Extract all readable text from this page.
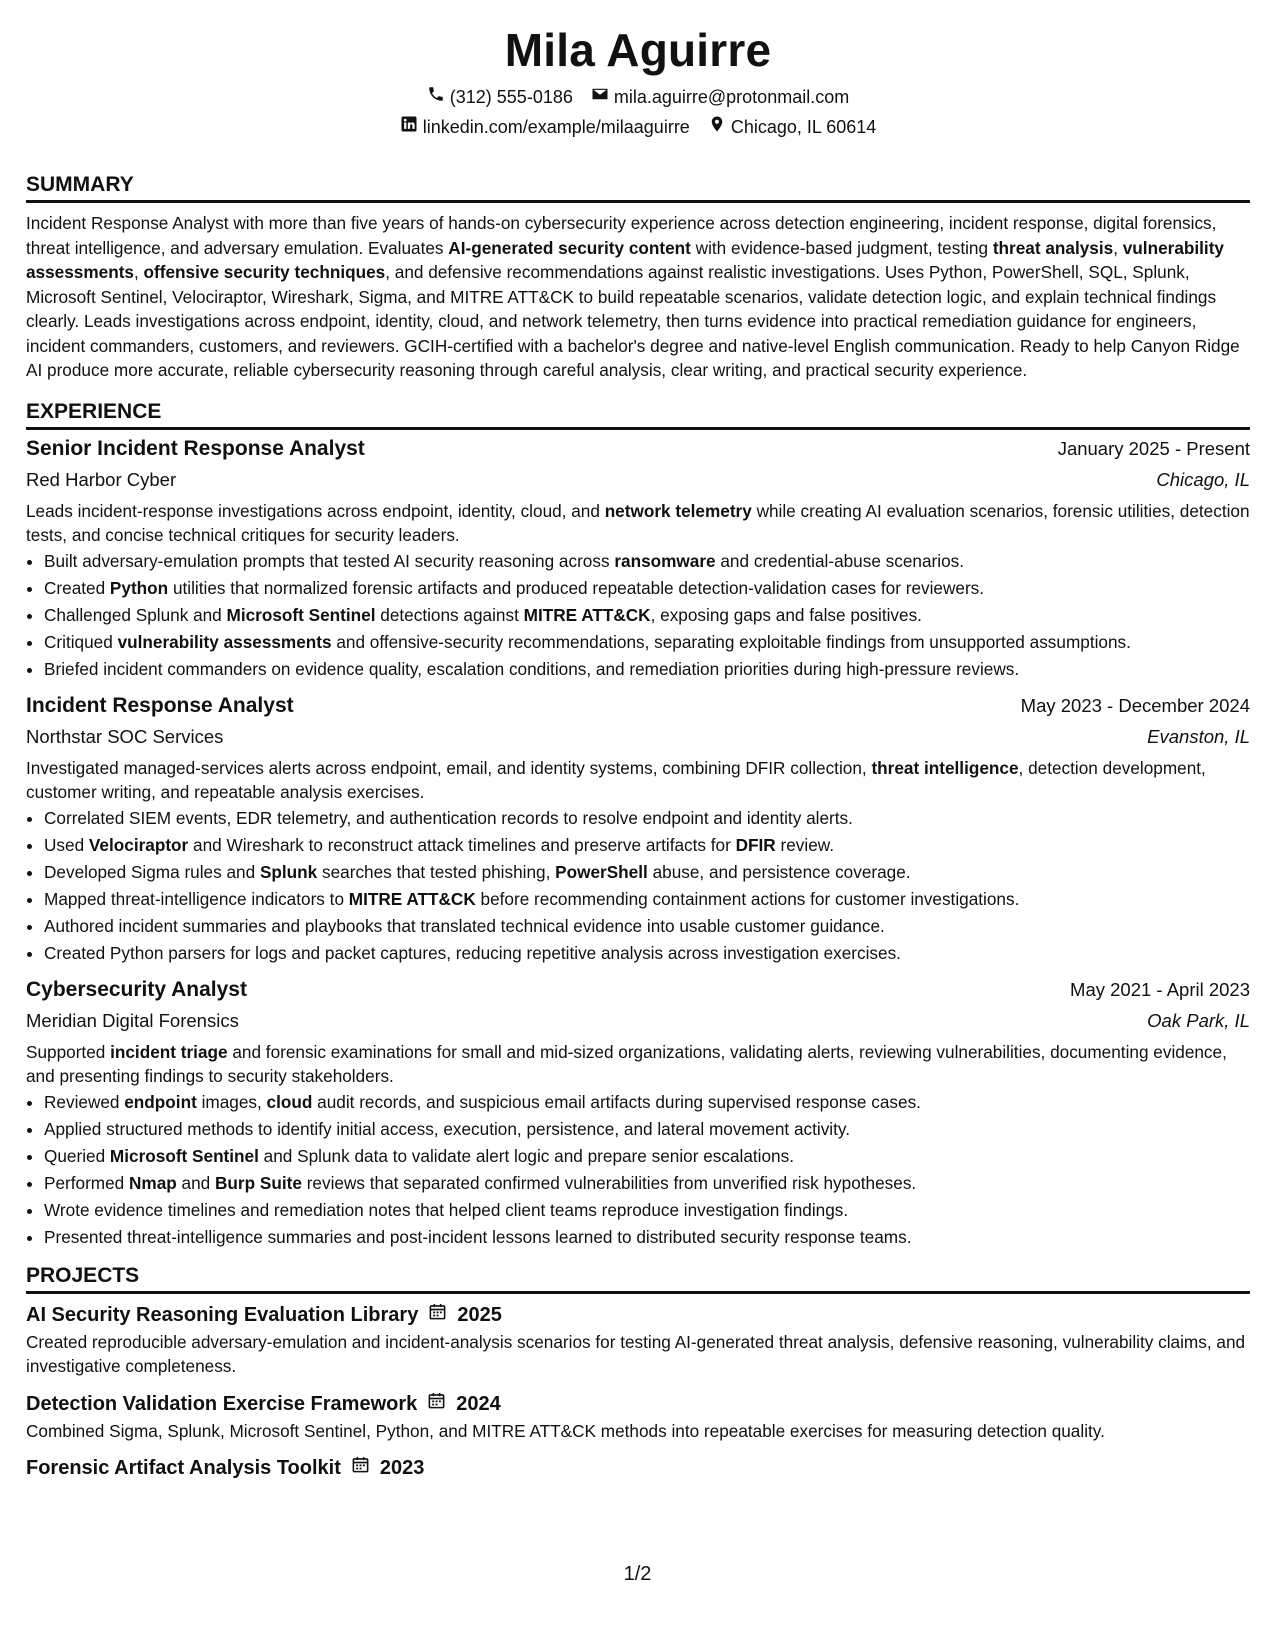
Mila Aguirre
(312) 555-0186 mila.aguirre@protonmail.com
linkedin.com/example/milaaguirre Chicago, IL 60614
SUMMARY

Incident Response Analyst with more than five years of hands-on cybersecurity experience across detection engineering, incident response, digital forensics, threat intelligence, and adversary emulation. Evaluates AI-generated security content with evidence-based judgment, testing threat analysis, vulnerability assessments, offensive security techniques, and defensive recommendations against realistic investigations. Uses Python, PowerShell, SQL, Splunk, Microsoft Sentinel, Velociraptor, Wireshark, Sigma, and MITRE ATT&CK to build repeatable scenarios, validate detection logic, and explain technical findings clearly. Leads investigations across endpoint, identity, cloud, and network telemetry, then turns evidence into practical remediation guidance for engineers, incident commanders, customers, and reviewers. GCIH-certified with a bachelor's degree and native-level English communication. Ready to help Canyon Ridge AI produce more accurate, reliable cybersecurity reasoning through careful analysis, clear writing, and practical security experience.

EXPERIENCE
Senior Incident Response Analyst	January 2025 - Present
Red Harbor Cyber	Chicago, IL

Leads incident-response investigations across endpoint, identity, cloud, and network telemetry while creating AI evaluation scenarios, forensic utilities, detection tests, and concise technical critiques for security leaders.

• Built adversary-emulation prompts that tested AI security reasoning across ransomware and credential-abuse scenarios.
• Created Python utilities that normalized forensic artifacts and produced repeatable detection-validation cases for reviewers.
• Challenged Splunk and Microsoft Sentinel detections against MITRE ATT&CK, exposing gaps and false positives.
• Critiqued vulnerability assessments and offensive-security recommendations, separating exploitable findings from unsupported assumptions.
• Briefed incident commanders on evidence quality, escalation conditions, and remediation priorities during high-pressure reviews.
Incident Response Analyst	May 2023 - December 2024
Northstar SOC Services	Evanston, IL

Investigated managed-services alerts across endpoint, email, and identity systems, combining DFIR collection, threat intelligence, detection development, customer writing, and repeatable analysis exercises.

• Correlated SIEM events, EDR telemetry, and authentication records to resolve endpoint and identity alerts.
• Used Velociraptor and Wireshark to reconstruct attack timelines and preserve artifacts for DFIR review.
• Developed Sigma rules and Splunk searches that tested phishing, PowerShell abuse, and persistence coverage.
• Mapped threat-intelligence indicators to MITRE ATT&CK before recommending containment actions for customer investigations.
• Authored incident summaries and playbooks that translated technical evidence into usable customer guidance.
• Created Python parsers for logs and packet captures, reducing repetitive analysis across investigation exercises.
Cybersecurity Analyst	May 2021 - April 2023
Meridian Digital Forensics	Oak Park, IL

Supported incident triage and forensic examinations for small and mid-sized organizations, validating alerts, reviewing vulnerabilities, documenting evidence, and presenting findings to security stakeholders.

• Reviewed endpoint images, cloud audit records, and suspicious email artifacts during supervised response cases.
• Applied structured methods to identify initial access, execution, persistence, and lateral movement activity.
• Queried Microsoft Sentinel and Splunk data to validate alert logic and prepare senior escalations.
• Performed Nmap and Burp Suite reviews that separated confirmed vulnerabilities from unverified risk hypotheses.
• Wrote evidence timelines and remediation notes that helped client teams reproduce investigation findings.
• Presented threat-intelligence summaries and post-incident lessons learned to distributed security response teams.
PROJECTS
AI Security Reasoning Evaluation Library 2025

Created reproducible adversary-emulation and incident-analysis scenarios for testing AI-generated threat analysis, defensive reasoning, vulnerability claims, and investigative completeness.

Detection Validation Exercise Framework 2024

Combined Sigma, Splunk, Microsoft Sentinel, Python, and MITRE ATT&CK methods into repeatable exercises for measuring detection quality.

Forensic Artifact Analysis Toolkit 2023
1/2
